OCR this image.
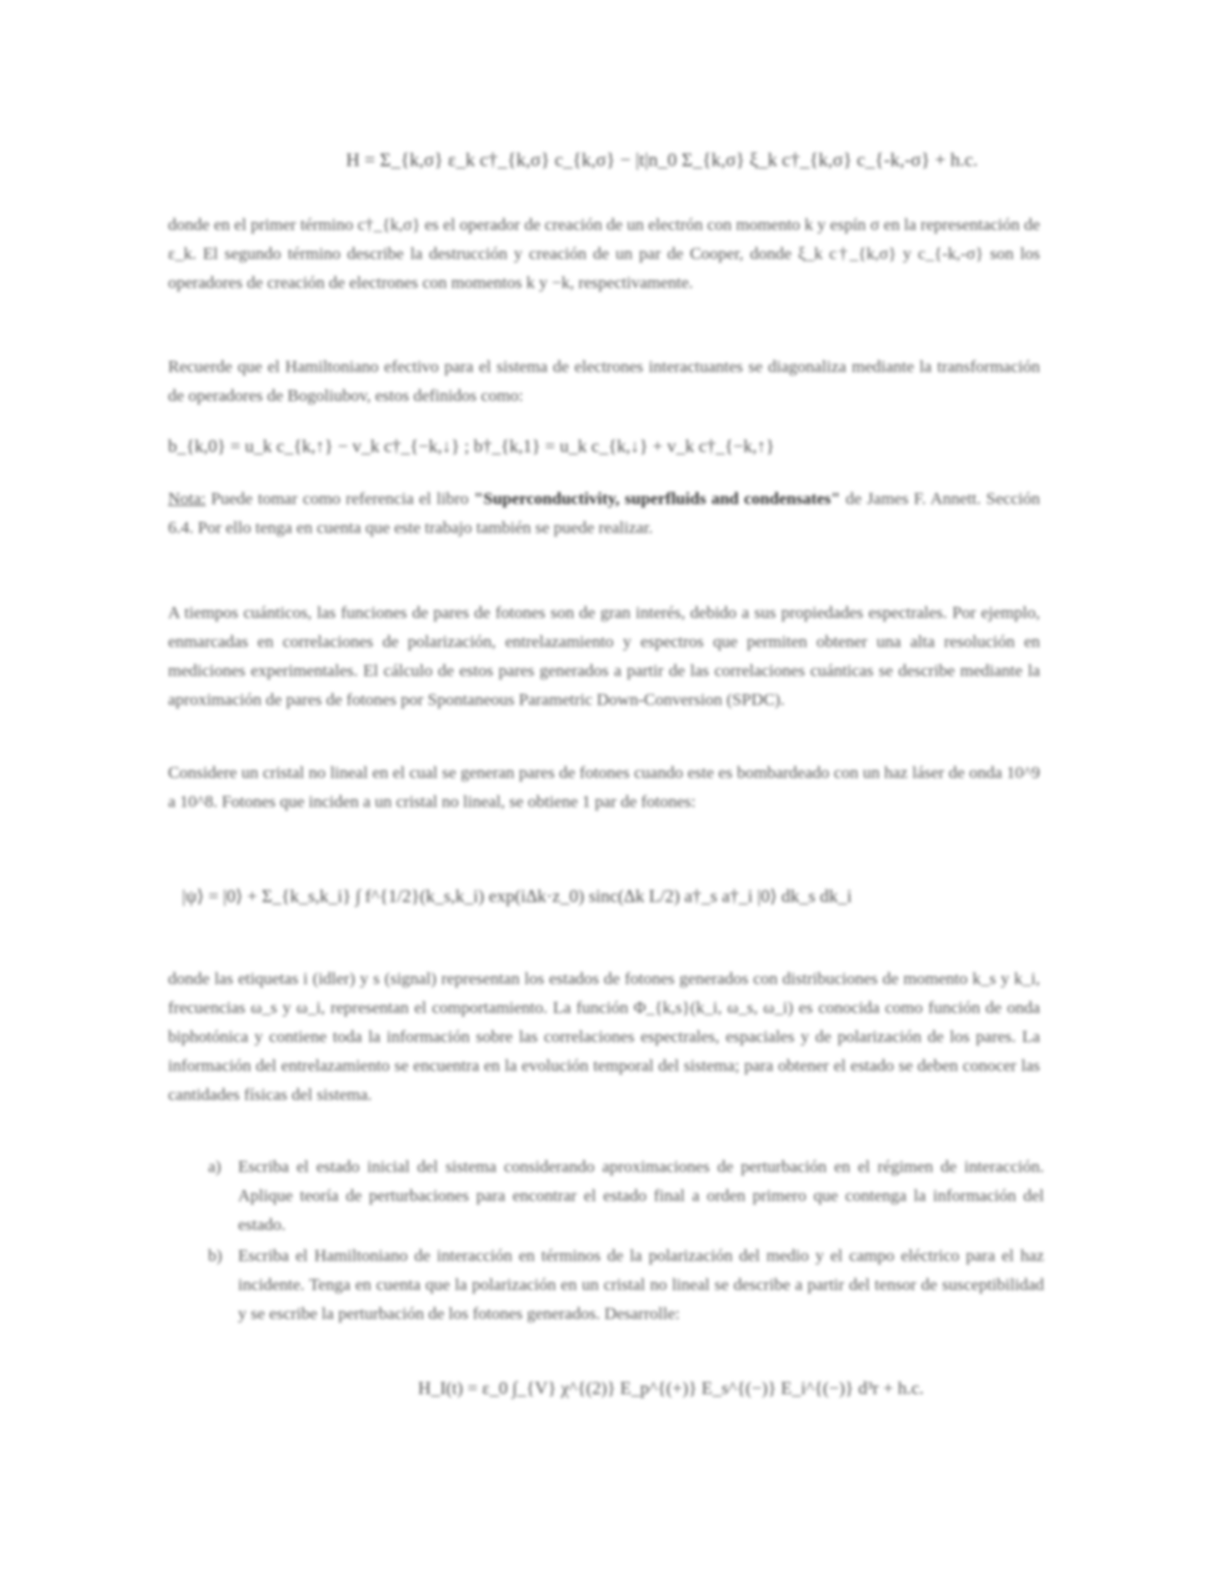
H = Σ_{k,σ} ε_k c†_{k,σ} c_{k,σ} − |t|n_0 Σ_{k,σ} ξ_k c†_{k,σ} c_{-k,-σ} + h.c.
donde en el primer término c†_{k,σ} es el operador de creación de un electrón con momento k y espín σ en la representación de ε_k. El segundo término describe la destrucción y creación de un par de Cooper, donde ξ_k c†_{k,σ} y c_{-k,-σ} son los operadores de creación de electrones con momentos k y −k, respectivamente.
Recuerde que el Hamiltoniano efectivo para el sistema de electrones interactuantes se diagonaliza mediante la transformación de operadores de Bogoliubov, estos definidos como:
b_{k,0} = u_k c_{k,↑} − v_k c†_{−k,↓} ; b†_{k,1} = u_k c_{k,↓} + v_k c†_{−k,↑}
Nota: Puede tomar como referencia el libro "Superconductivity, superfluids and condensates" de James F. Annett. Sección 6.4. Por ello tenga en cuenta que este trabajo también se puede realizar.
A tiempos cuánticos, las funciones de pares de fotones son de gran interés, debido a sus propiedades espectrales. Por ejemplo, enmarcadas en correlaciones de polarización, entrelazamiento y espectros que permiten obtener una alta resolución en mediciones experimentales. El cálculo de estos pares generados a partir de las correlaciones cuánticas se describe mediante la aproximación de pares de fotones por Spontaneous Parametric Down-Conversion (SPDC).
Considere un cristal no lineal en el cual se generan pares de fotones cuando este es bombardeado con un haz láser de onda 10^9 a 10^8. Fotones que inciden a un cristal no lineal, se obtiene 1 par de fotones:
|ψ⟩ = |0⟩ + Σ_{k_s,k_i} ∫ f^{1/2}(k_s,k_i) exp(iΔk·z_0) sinc(Δk L/2) a†_s a†_i |0⟩ dk_s dk_i
donde las etiquetas i (idler) y s (signal) representan los estados de fotones generados con distribuciones de momento k_s y k_i, frecuencias ω_s y ω_i, representan el comportamiento. La función Φ_{k,s}(k_i, ω_s, ω_i) es conocida como función de onda biphotónica y contiene toda la información sobre las correlaciones espectrales, espaciales y de polarización de los pares. La información del entrelazamiento se encuentra en la evolución temporal del sistema; para obtener el estado se deben conocer las cantidades físicas del sistema.
a) Escriba el estado inicial del sistema considerando aproximaciones de perturbación en el régimen de interacción. Aplique teoría de perturbaciones para encontrar el estado final a orden primero que contenga la información del estado.
b) Escriba el Hamiltoniano de interacción en términos de la polarización del medio y el campo eléctrico para el haz incidente. Tenga en cuenta que la polarización en un cristal no lineal se describe a partir del tensor de susceptibilidad y se escribe la perturbación de los fotones generados. Desarrolle:
H_I(t) = ε_0 ∫_{V} χ^{(2)} E_p^{(+)} E_s^{(−)} E_i^{(−)} d³r + h.c.
